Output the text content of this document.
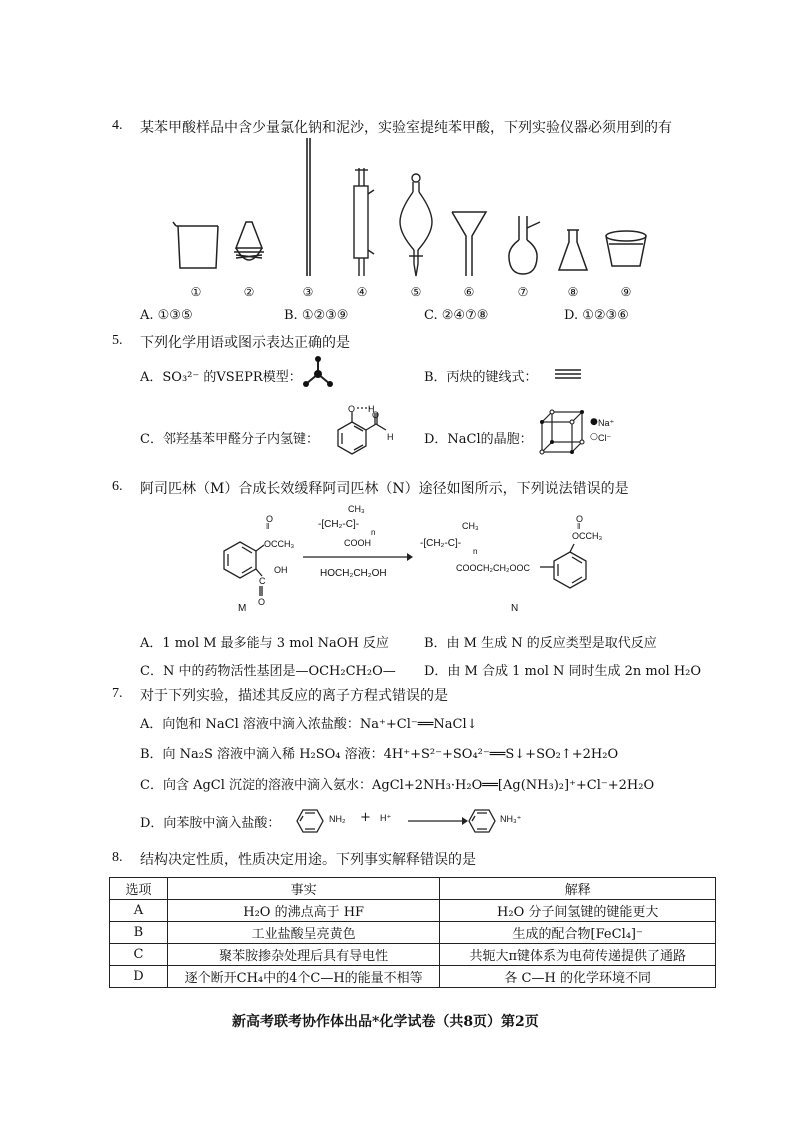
4. 某苯甲酸样品中含少量氯化钠和泥沙，实验室提纯苯甲酸，下列实验仪器必须用到的有
①	②	③	④	⑤	⑥	⑦	⑧	⑨
A. ①③⑤	B. ①②③⑨	C. ②④⑦⑧	D. ①②③⑥
5. 下列化学用语或图示表达正确的是
A．SO₃²⁻ 的VSEPR模型：	B．丙炔的键线式：
C．邻羟基苯甲醛分子内氢键：
O H
O
H D．NaCl的晶胞：
● Na⁺
○ Cl⁻
6. 阿司匹林（M）合成长效缓释阿司匹林（N）途径如图所示，下列说法错误的是
O
‖
OCCH₃
C
OH
O
M
CH₃
-[CH₂-C]-
n
COOH
HOCH₂CH₂OH
CH₃
-[CH₂-C]-
n
COOCH₂CH₂OOC
O
‖
OCCH₃
N
A．1 mol M 最多能与 3 mol NaOH 反应	B．由 M 生成 N 的反应类型是取代反应
C．N 中的药物活性基团是—OCH₂CH₂O— D．由 M 合成 1 mol N 同时生成 2n mol H₂O
7. 对于下列实验，描述其反应的离子方程式错误的是
A．向饱和 NaCl 溶液中滴入浓盐酸：Na⁺+Cl⁻══NaCl↓
B．向 Na₂S 溶液中滴入稀 H₂SO₄ 溶液：4H⁺+S²⁻+SO₄²⁻══S↓+SO₂↑+2H₂O
C．向含 AgCl 沉淀的溶液中滴入氨水：AgCl+2NH₃·H₂O══[Ag(NH₃)₂]⁺+Cl⁻+2H₂O
D．向苯胺中滴入盐酸：	NH₂ + H⁺	NH₃⁺
8. 结构决定性质，性质决定用途。下列事实解释错误的是
选项	事实	解释
A	H₂O 的沸点高于 HF	H₂O 分子间氢键的键能更大
B	工业盐酸呈亮黄色	生成的配合物[FeCl₄]⁻
C	聚苯胺掺杂处理后具有导电性	共轭大π键体系为电荷传递提供了通路
D	逐个断开CH₄中的4个C—H的能量不相等	各 C—H 的化学环境不同
新高考联考协作体出品*化学试卷（共8页）第2页
